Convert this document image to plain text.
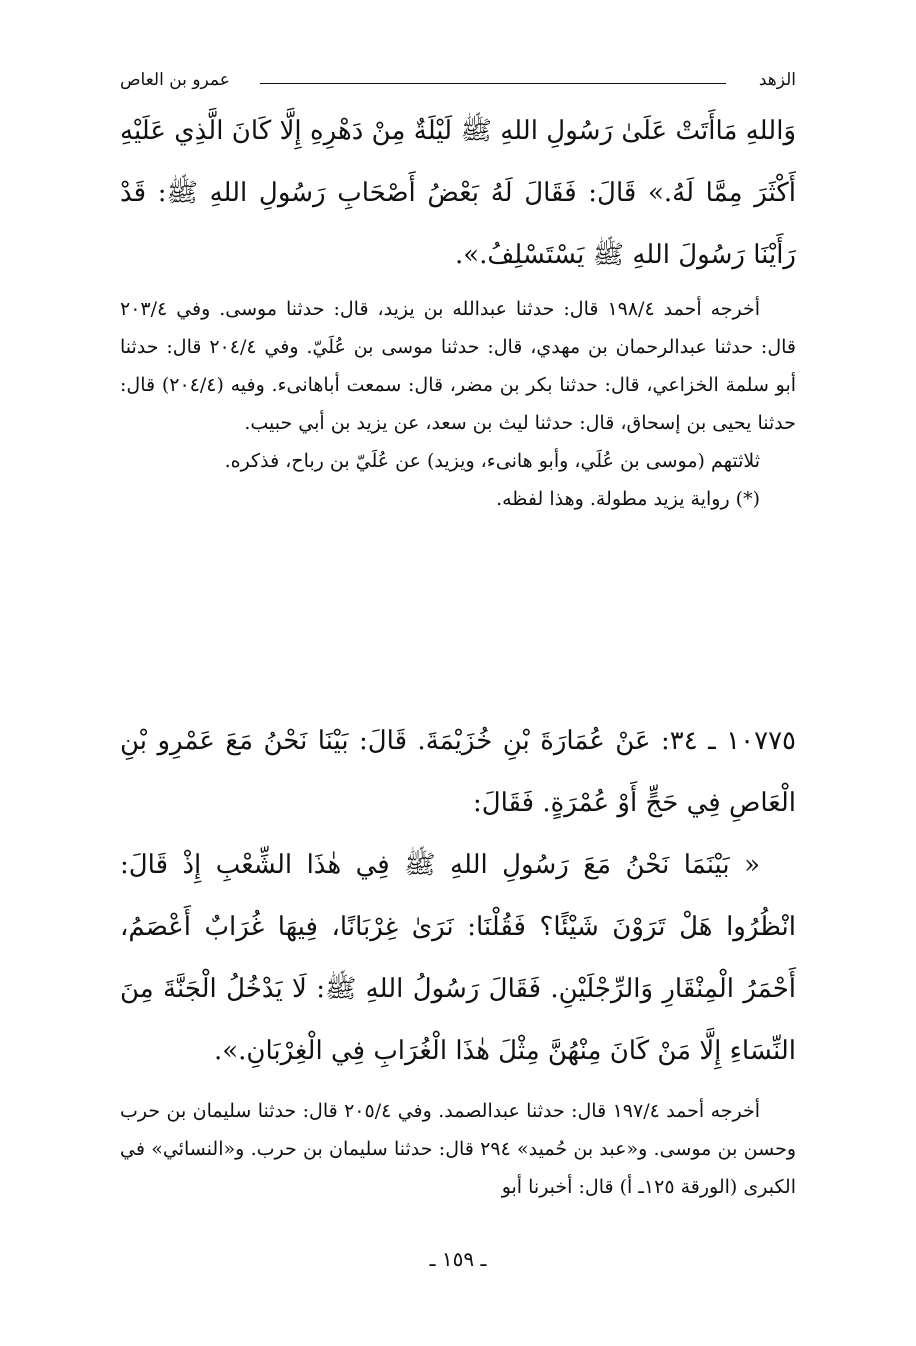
الزهد
عمرو بن العاص

وَاللهِ مَاأَتَتْ عَلَىٰ رَسُولِ اللهِ ﷺ لَيْلَةٌ مِنْ دَهْرِهِ إِلَّا كَانَ الَّذِي عَلَيْهِ أَكْثَرَ مِمَّا لَهُ.» قَالَ: فَقَالَ لَهُ بَعْضُ أَصْحَابِ رَسُولِ اللهِ ﷺ: قَدْ رَأَيْنَا رَسُولَ اللهِ ﷺ يَسْتَسْلِفُ.».

أخرجه أحمد ١٩٨/٤ قال: حدثنا عبدالله بن يزيد، قال: حدثنا موسى. وفي ٢٠٣/٤ قال: حدثنا عبدالرحمان بن مهدي، قال: حدثنا موسى بن عُلَيّ. وفي ٢٠٤/٤ قال: حدثنا أبو سلمة الخزاعي، قال: حدثنا بكر بن مضر، قال: سمعت أباهانىء. وفيه (٢٠٤/٤) قال: حدثنا يحيى بن إسحاق، قال: حدثنا ليث بن سعد، عن يزيد بن أبي حبيب.

ثلاثتهم (موسى بن عُلَي، وأبو هانىء، ويزيد) عن عُلَيّ بن رباح، فذكره.

(*) رواية يزيد مطولة. وهذا لفظه.

١٠٧٧٥ ـ ٣٤: عَنْ عُمَارَةَ بْنِ خُزَيْمَةَ. قَالَ: بَيْنَا نَحْنُ مَعَ عَمْرِو بْنِ الْعَاصِ فِي حَجٍّ أَوْ عُمْرَةٍ. فَقَالَ:

« بَيْنَمَا نَحْنُ مَعَ رَسُولِ اللهِ ﷺ فِي هٰذَا الشِّعْبِ إِذْ قَالَ: انْظُرُوا هَلْ تَرَوْنَ شَيْئًا؟ فَقُلْنَا: نَرَىٰ غِرْبَانًا، فِيهَا غُرَابٌ أَعْصَمُ، أَحْمَرُ الْمِنْقَارِ وَالرِّجْلَيْنِ. فَقَالَ رَسُولُ اللهِ ﷺ: لَا يَدْخُلُ الْجَنَّةَ مِنَ النِّسَاءِ إِلَّا مَنْ كَانَ مِنْهُنَّ مِثْلَ هٰذَا الْغُرَابِ فِي الْغِرْبَانِ.».

أخرجه أحمد ١٩٧/٤ قال: حدثنا عبدالصمد. وفي ٢٠٥/٤ قال: حدثنا سليمان بن حرب وحسن بن موسى. و«عبد بن حُميد» ٢٩٤ قال: حدثنا سليمان بن حرب. و«النسائي» في الكبرى (الورقة ١٢٥ـ أ) قال: أخبرنا أبو

ـ ١٥٩ ـ
